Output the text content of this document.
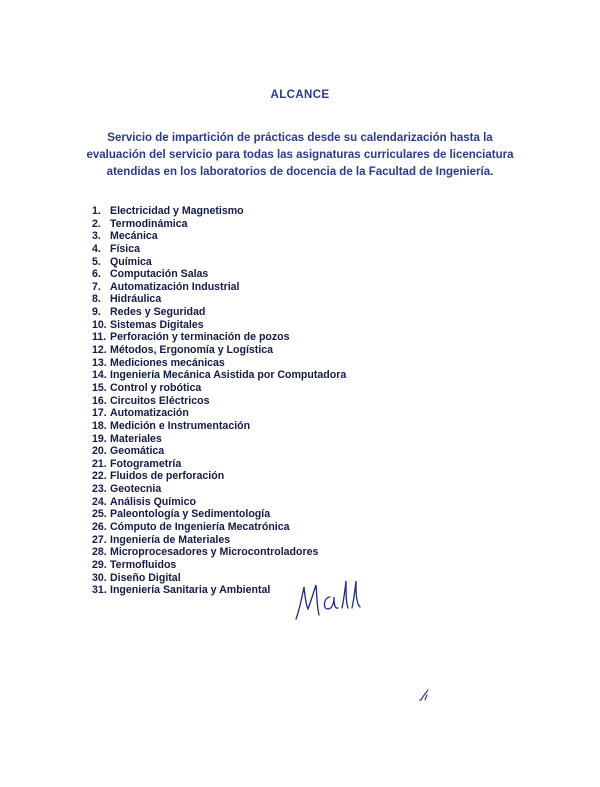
ALCANCE

Servicio de impartición de prácticas desde su calendarización hasta la evaluación del servicio para todas las asignaturas curriculares de licenciatura atendidas en los laboratorios de docencia de la Facultad de Ingeniería.

1. Electricidad y Magnetismo
2. Termodinámica
3. Mecánica
4. Física
5. Química
6. Computación Salas
7. Automatización Industrial
8. Hidráulica
9. Redes y Seguridad
10. Sistemas Digitales
11. Perforación y terminación de pozos
12. Métodos, Ergonomía y Logística
13. Mediciones mecánicas
14. Ingeniería Mecánica Asistida por Computadora
15. Control y robótica
16. Circuitos Eléctricos
17. Automatización
18. Medición e Instrumentación
19. Materiales
20. Geomática
21. Fotogrametría
22. Fluidos de perforación
23. Geotecnia
24. Análisis Químico
25. Paleontología y Sedimentología
26. Cómputo de Ingeniería Mecatrónica
27. Ingeniería de Materiales
28. Microprocesadores y Microcontroladores
29. Termofluidos
30. Diseño Digital
31. Ingeniería Sanitaria y Ambiental
